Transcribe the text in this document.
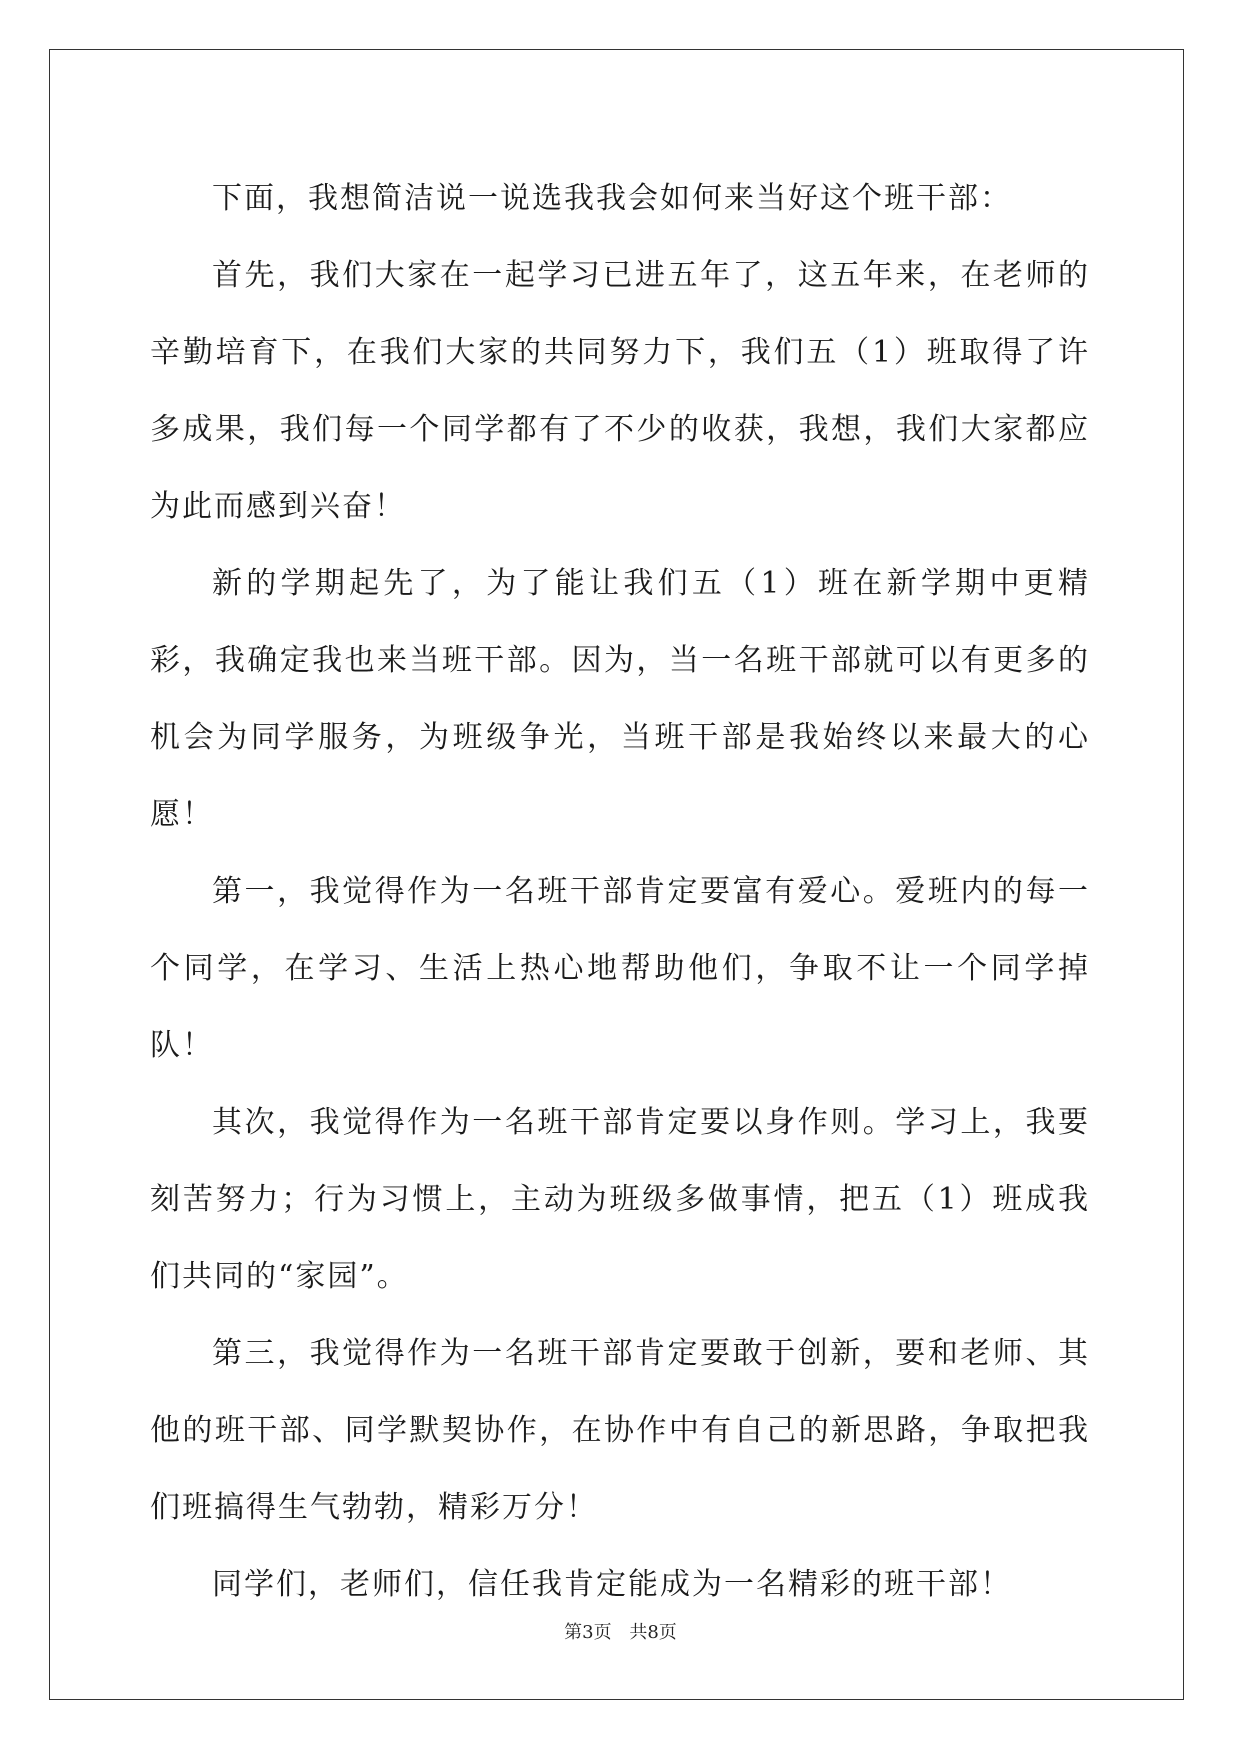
下面，我想简洁说一说选我我会如何来当好这个班干部：

首先，我们大家在一起学习已进五年了，这五年来，在老师的辛勤培育下，在我们大家的共同努力下，我们五（1）班取得了许多成果，我们每一个同学都有了不少的收获，我想，我们大家都应为此而感到兴奋！

新的学期起先了，为了能让我们五（1）班在新学期中更精彩，我确定我也来当班干部。因为，当一名班干部就可以有更多的机会为同学服务，为班级争光，当班干部是我始终以来最大的心愿！

第一，我觉得作为一名班干部肯定要富有爱心。爱班内的每一个同学，在学习、生活上热心地帮助他们，争取不让一个同学掉队！

其次，我觉得作为一名班干部肯定要以身作则。学习上，我要刻苦努力；行为习惯上，主动为班级多做事情，把五（1）班成我们共同的“家园”。

第三，我觉得作为一名班干部肯定要敢于创新，要和老师、其他的班干部、同学默契协作，在协作中有自己的新思路，争取把我们班搞得生气勃勃，精彩万分！

同学们，老师们，信任我肯定能成为一名精彩的班干部！

第3页 共8页
